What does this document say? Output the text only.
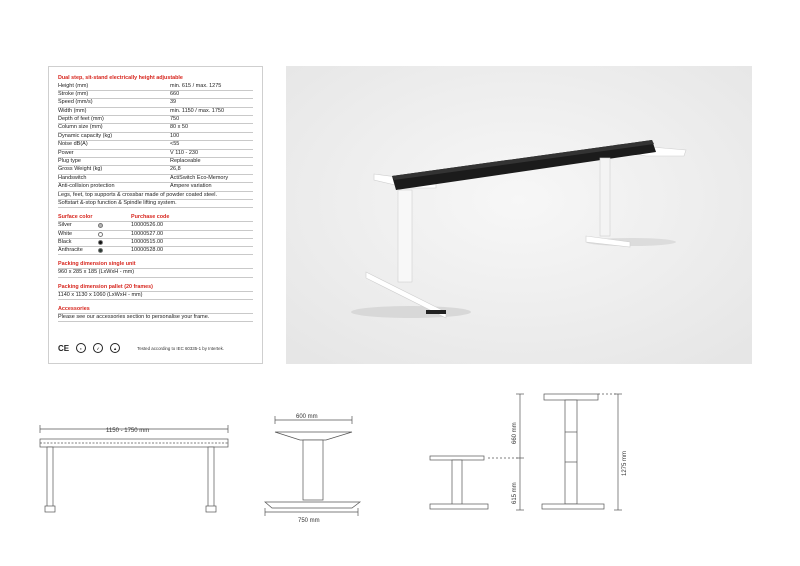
Dual step, sit-stand electrically height adjustable
Height (mm)	min. 615 / max. 1275
Stroke (mm)	660
Speed (mm/s)	39
Width (mm)	min. 1150 / max. 1750
Depth of feet (mm)	750
Column size (mm)	80 x 50
Dynamic capacity (kg)	100
Noise dB(A)	<55
Power	V 110 - 230
Plug type	Replaceable
Gross Weight (kg)	26,8
Handswitch	ActiSwitch Eco-Memory
Anti-collision protection	Ampere variation
Legs, feet, top supports & crossbar made of powder coated steel.
Softstart &-stop function & Spindle lifting system.
Surface color	Purchase code
Silver	10000526.00
White	10000527.00
Black	10000515.00
Anthracite	10000528.00
Packing dimension single unit
960 x 285 x 185 (LxWxH - mm)
Packing dimension pallet (20 frames)
1140 x 1130 x 1060 (LxWxH - mm)
Accessories
Please see our accessories section to personalise your frame.
CE	◐	✓	▲	Tested according to IEC 60335-1 by Intertek.
1150 - 1750 mm
600 mm
750 mm
660 mm
615 mm
1275 mm
